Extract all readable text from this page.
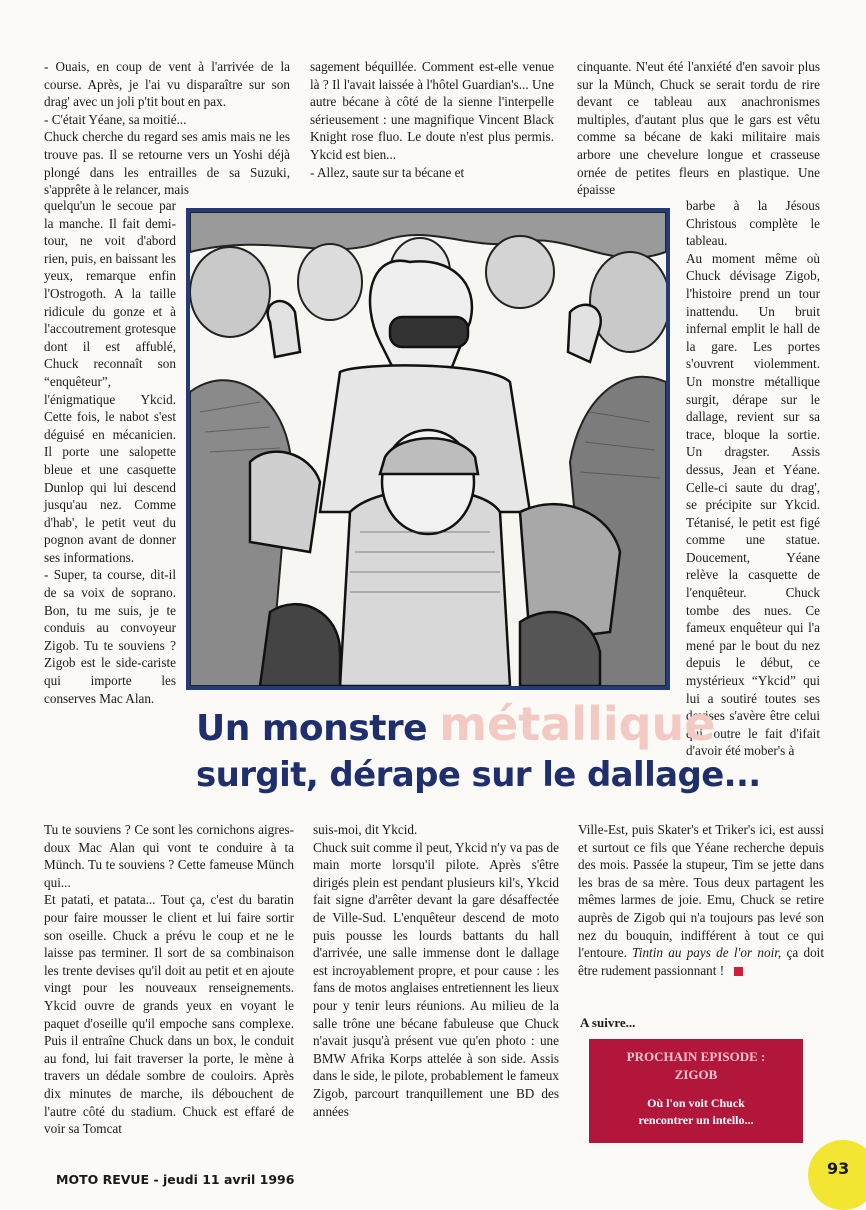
- Ouais, en coup de vent à l'arrivée de la course. Après, je l'ai vu disparaître sur son drag' avec un joli p'tit bout en pax.

- C'était Yéane, sa moitié...

Chuck cherche du regard ses amis mais ne les trouve pas. Il se retourne vers un Yoshi déjà plongé dans les entrailles de sa Suzuki, s'apprête à le relancer, mais

quelqu'un le secoue par la manche. Il fait demi-tour, ne voit d'abord rien, puis, en baissant les yeux, remarque enfin l'Ostrogoth. A la taille ridicule du gonze et à l'accoutrement grotesque dont il est affublé, Chuck reconnaît son “enquêteur”, l'énigmatique Ykcid. Cette fois, le nabot s'est déguisé en mécanicien. Il porte une salopette bleue et une casquette Dunlop qui lui descend jusqu'au nez. Comme d'hab', le petit veut du pognon avant de donner ses informations.

- Super, ta course, dit-il de sa voix de soprano. Bon, tu me suis, je te conduis au convoyeur Zigob. Tu te souviens ? Zigob est le side-cariste qui importe les conserves Mac Alan.

Tu te souviens ? Ce sont les cornichons aigres-doux Mac Alan qui vont te conduire à ta Münch. Tu te souviens ? Cette fameuse Münch qui...

Et patati, et patata... Tout ça, c'est du baratin pour faire mousser le client et lui faire sortir son oseille. Chuck a prévu le coup et ne le laisse pas terminer. Il sort de sa combinaison les trente devises qu'il doit au petit et en ajoute vingt pour les nouveaux renseignements. Ykcid ouvre de grands yeux en voyant le paquet d'oseille qu'il empoche sans complexe. Puis il entraîne Chuck dans un box, le conduit au fond, lui fait traverser la porte, le mène à travers un dédale sombre de couloirs. Après dix minutes de marche, ils débouchent de l'autre côté du stadium. Chuck est effaré de voir sa Tomcat

sagement béquillée. Comment est-elle venue là ? Il l'avait laissée à l'hôtel Guardian's... Une autre bécane à côté de la sienne l'interpelle sérieusement : une magnifique Vincent Black Knight rose fluo. Le doute n'est plus permis. Ykcid est bien...

- Allez, saute sur ta bécane et

suis-moi, dit Ykcid.

Chuck suit comme il peut, Ykcid n'y va pas de main morte lorsqu'il pilote. Après s'être dirigés plein est pendant plusieurs kil's, Ykcid fait signe d'arrêter devant la gare désaffectée de Ville-Sud. L'enquêteur descend de moto puis pousse les lourds battants du hall d'arrivée, une salle immense dont le dallage est incroyablement propre, et pour cause : les fans de motos anglaises entretiennent les lieux pour y tenir leurs réunions. Au milieu de la salle trône une bécane fabuleuse que Chuck n'avait jusqu'à présent vue qu'en photo : une BMW Afrika Korps attelée à son side. Assis dans le side, le pilote, probablement le fameux Zigob, parcourt tranquillement une BD des années

cinquante. N'eut été l'anxiété d'en savoir plus sur la Münch, Chuck se serait tordu de rire devant ce tableau aux anachronismes multiples, d'autant plus que le gars est vêtu comme sa bécane de kaki militaire mais arbore une chevelure longue et crasseuse ornée de petites fleurs en plastique. Une épaisse

barbe à la Jésous Christous complète le tableau.

Au moment même où Chuck dévisage Zigob, l'histoire prend un tour inattendu. Un bruit infernal emplit le hall de la gare. Les portes s'ouvrent violemment. Un monstre métallique surgit, dérape sur le dallage, revient sur sa trace, bloque la sortie. Un dragster. Assis dessus, Jean et Yéane. Celle-ci saute du drag', se précipite sur Ykcid. Tétanisé, le petit est figé comme une statue. Doucement, Yéane relève la casquette de l'enquêteur. Chuck tombe des nues. Ce fameux enquêteur qui l'a mené par le bout du nez depuis le début, ce mystérieux “Ykcid” qui lui a soutiré toutes ses devises s'avère être celui qui, outre le fait d'ifait d'avoir été mober's à

Ville-Est, puis Skater's et Triker's ici, est aussi et surtout ce fils que Yéane recherche depuis des mois. Passée la stupeur, Tim se jette dans les bras de sa mère. Tous deux partagent les mêmes larmes de joie. Emu, Chuck se retire auprès de Zigob qui n'a toujours pas levé son nez du bouquin, indifférent à tout ce qui l'entoure. Tintin au pays de l'or noir, ça doit être rudement passionnant !

Un monstre métallique
surgit, dérape sur le dallage...
A suivre...
PROCHAIN EPISODE :
ZIGOB
Où l'on voit Chuck rencontrer un intello...
MOTO REVUE - jeudi 11 avril 1996
93
